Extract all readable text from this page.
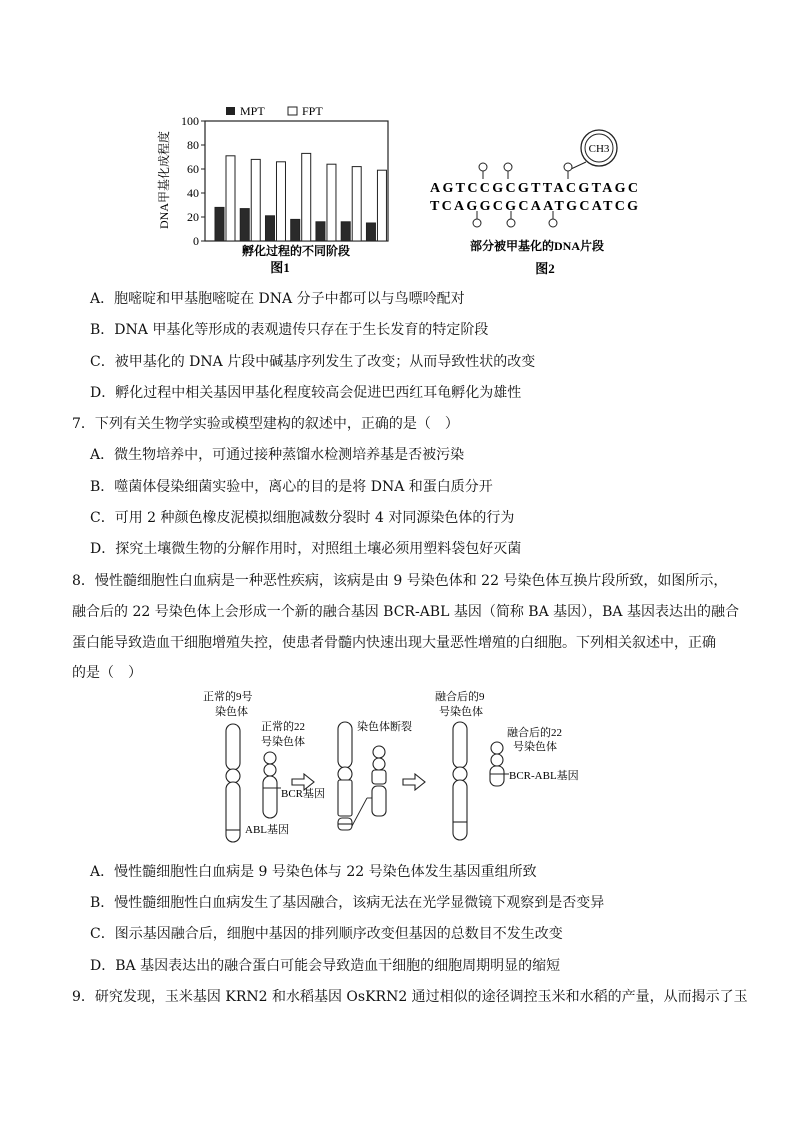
MPT	FPT
DNA甲基化成程度
100
80
60
40
20
0
孵化过程的不同阶段
图1
CH3
AGTCCGCGTTACGTAGC
TCAGGCGCAATGCATCG
部分被甲基化的DNA片段
图2
A．胞嘧啶和甲基胞嘧啶在 DNA 分子中都可以与鸟嘌呤配对
B．DNA 甲基化等形成的表观遗传只存在于生长发育的特定阶段
C．被甲基化的 DNA 片段中碱基序列发生了改变；从而导致性状的改变
D．孵化过程中相关基因甲基化程度较高会促进巴西红耳龟孵化为雄性
7．下列有关生物学实验或模型建构的叙述中，正确的是（　）
A．微生物培养中，可通过接种蒸馏水检测培养基是否被污染
B．噬菌体侵染细菌实验中，离心的目的是将 DNA 和蛋白质分开
C．可用 2 种颜色橡皮泥模拟细胞减数分裂时 4 对同源染色体的行为
D．探究土壤微生物的分解作用时，对照组土壤必须用塑料袋包好灭菌
8．慢性髓细胞性白血病是一种恶性疾病，该病是由 9 号染色体和 22 号染色体互换片段所致，如图所示，
融合后的 22 号染色体上会形成一个新的融合基因 BCR-ABL 基因（简称 BA 基因），BA 基因表达出的融合
蛋白能导致造血干细胞增殖失控，使患者骨髓内快速出现大量恶性增殖的白细胞。下列相关叙述中，正确
的是（　）
正常的9号
染色体
正常的22
号染色体
BCR基因
ABL基因
染色体断裂
融合后的9
号染色体
融合后的22
号染色体
BCR-ABL基因
A．慢性髓细胞性白血病是 9 号染色体与 22 号染色体发生基因重组所致
B．慢性髓细胞性白血病发生了基因融合，该病无法在光学显微镜下观察到是否变异
C．图示基因融合后，细胞中基因的排列顺序改变但基因的总数目不发生改变
D．BA 基因表达出的融合蛋白可能会导致造血干细胞的细胞周期明显的缩短
9．研究发现，玉米基因 KRN2 和水稻基因 OsKRN2 通过相似的途径调控玉米和水稻的产量，从而揭示了玉
